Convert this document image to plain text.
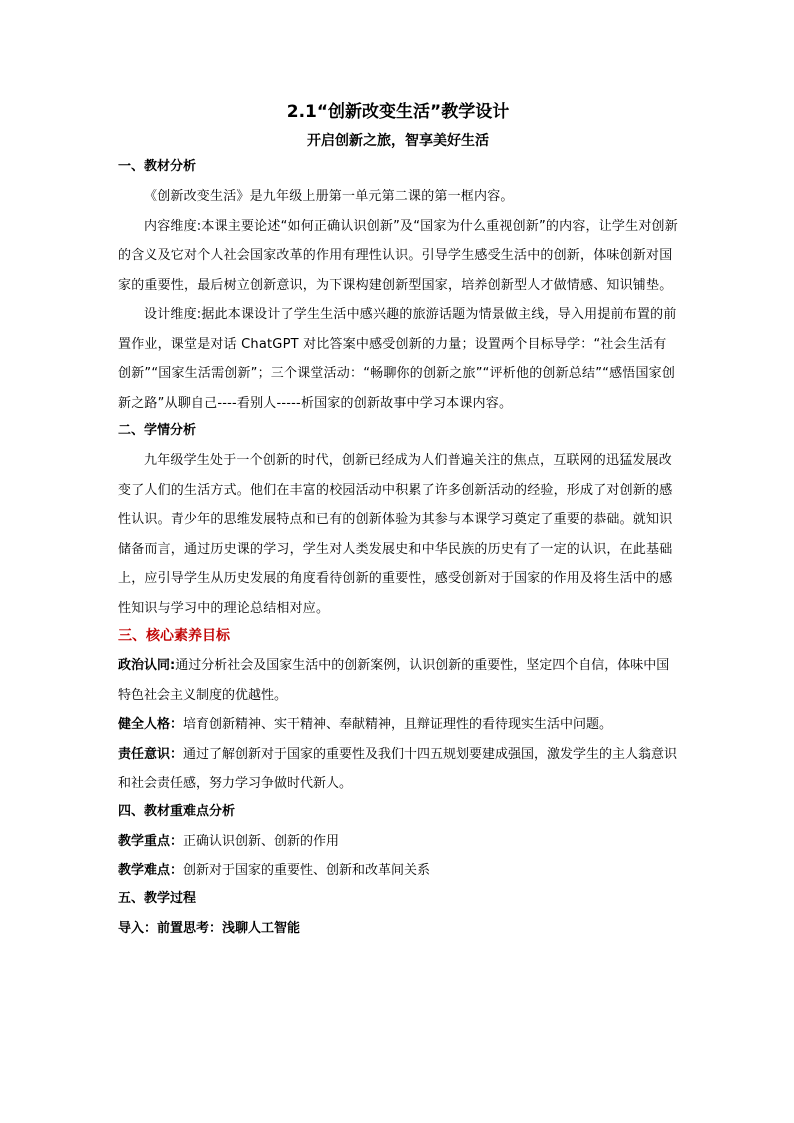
2.1“创新改变生活”教学设计
开启创新之旅，智享美好生活
一、教材分析

《创新改变生活》是九年级上册第一单元第二课的第一框内容。

内容维度:本课主要论述“如何正确认识创新”及“国家为什么重视创新”的内容，让学生对创新的含义及它对个人社会国家改革的作用有理性认识。引导学生感受生活中的创新，体味创新对国家的重要性，最后树立创新意识，为下课构建创新型国家，培养创新型人才做情感、知识铺垫。

设计维度:据此本课设计了学生生活中感兴趣的旅游话题为情景做主线，导入用提前布置的前置作业，课堂是对话 ChatGPT 对比答案中感受创新的力量；设置两个目标导学：“社会生活有创新”“国家生活需创新”；三个课堂活动：“畅聊你的创新之旅”“评析他的创新总结”“感悟国家创新之路”从聊自己----看别人-----析国家的创新故事中学习本课内容。

二、学情分析

九年级学生处于一个创新的时代，创新已经成为人们普遍关注的焦点，互联网的迅猛发展改变了人们的生活方式。他们在丰富的校园活动中积累了许多创新活动的经验，形成了对创新的感性认识。青少年的思维发展特点和已有的创新体验为其参与本课学习奠定了重要的恭础。就知识储备而言，通过历史课的学习，学生对人类发展史和中华民族的历史有了一定的认识，在此基础上，应引导学生从历史发展的角度看待创新的重要性，感受创新对于国家的作用及将生活中的感性知识与学习中的理论总结相对应。

三、核心素养目标

政治认同:通过分析社会及国家生活中的创新案例，认识创新的重要性，坚定四个自信，体味中国特色社会主义制度的优越性。

健全人格：培育创新精神、实干精神、奉献精神，且辩证理性的看待现实生活中问题。

责任意识：通过了解创新对于国家的重要性及我们十四五规划要建成强国，激发学生的主人翁意识和社会责任感，努力学习争做时代新人。

四、教材重难点分析

教学重点：正确认识创新、创新的作用

教学难点：创新对于国家的重要性、创新和改革间关系

五、教学过程

导入：前置思考：浅聊人工智能
